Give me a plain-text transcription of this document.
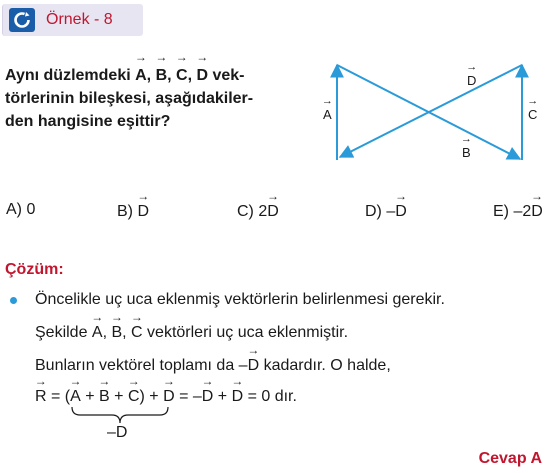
Örnek - 8
Aynı düzlemdeki → A, → B, → C, → D vek-
törlerinin bileşkesi, aşağıdakiler-
den hangisine eşittir?	→ A
→ D
→ C
→ B
A) 0	B) → D	C) 2→ D	D) –→ D	E) –2→ D
Çözüm:
Öncelikle uç uca eklenmiş vektörlerin belirlenmesi gerekir.
Şekilde → A, → B, → C vektörleri uç uca eklenmiştir.
Bunların vektörel toplamı da –→ D kadardır. O halde,
→ R = (→ A + → B + → C) + → D = –→ D + → D = 0 dır.
–D
Cevap A
